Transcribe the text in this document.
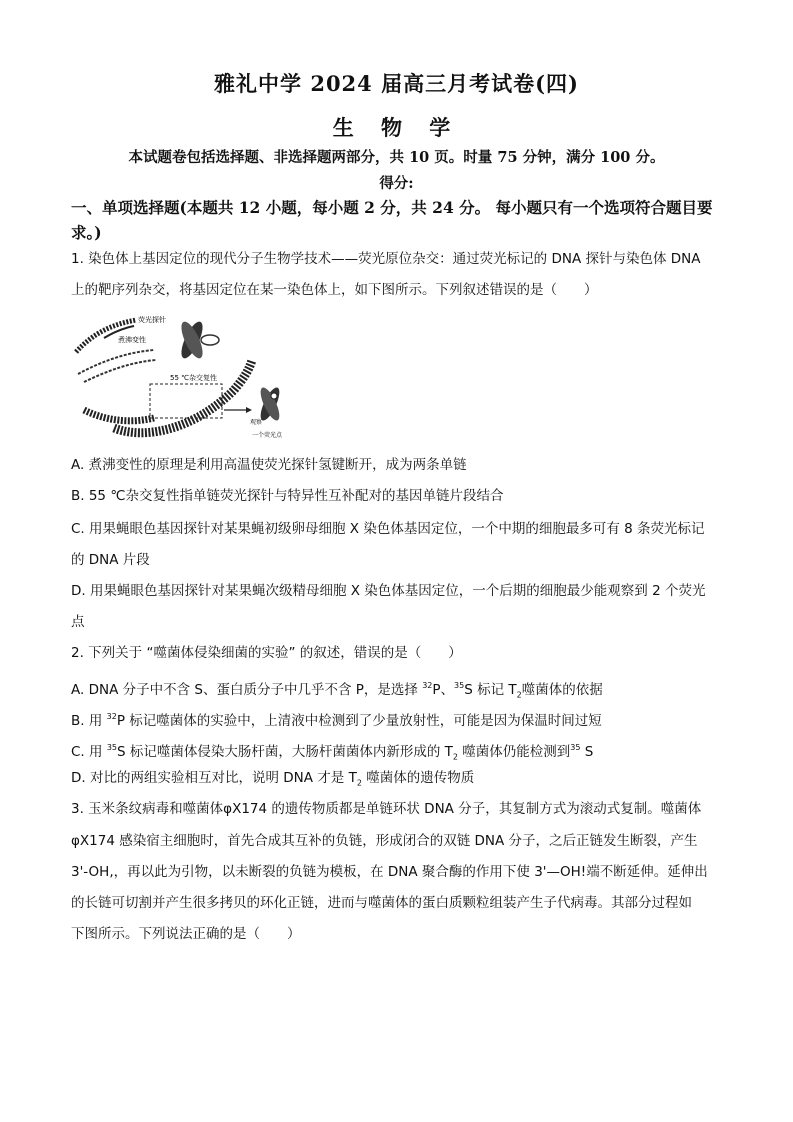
雅礼中学 2024 届高三月考试卷(四)
生 物 学
本试题卷包括选择题、非选择题两部分，共 10 页。时量 75 分钟，满分 100 分。
得分:
一、单项选择题(本题共 12 小题，每小题 2 分，共 24 分。 每小题只有一个选项符合题目要求。)
1. 染色体上基因定位的现代分子生物学技术——荧光原位杂交：通过荧光标记的 DNA 探针与染色体 DNA
上的靶序列杂交，将基因定位在某一染色体上，如下图所示。下列叙述错误的是（　　）
荧光探针
煮沸变性
55 ℃杂交复性
观察
一个荧光点
A. 煮沸变性的原理是利用高温使荧光探针氢键断开，成为两条单链
B. 55 ℃杂交复性指单链荧光探针与特异性互补配对的基因单链片段结合
C. 用果蝇眼色基因探针对某果蝇初级卵母细胞 X 染色体基因定位，一个中期的细胞最多可有 8 条荧光标记
的 DNA 片段
D. 用果蝇眼色基因探针对某果蝇次级精母细胞 X 染色体基因定位，一个后期的细胞最少能观察到 2 个荧光
点
2. 下列关于 “噬菌体侵染细菌的实验” 的叙述，错误的是（　　）
A. DNA 分子中不含 S、蛋白质分子中几乎不含 P，是选择 $^{32}$P、$^{35}$S 标记 $T_2$噬菌体的依据
B. 用 $^{32}$P 标记噬菌体的实验中，上清液中检测到了少量放射性，可能是因为保温时间过短
C. 用 $^{35}$S 标记噬菌体侵染大肠杆菌，大肠杆菌菌体内新形成的 $T_2$ 噬菌体仍能检测到$^{35}$ S
D. 对比的两组实验相互对比，说明 DNA 才是 $T_2$ 噬菌体的遗传物质
3. 玉米条纹病毒和噬菌体φX174 的遗传物质都是单链环状 DNA 分子，其复制方式为滚动式复制。噬菌体
φX174 感染宿主细胞时，首先合成其互补的负链，形成闭合的双链 DNA 分子，之后正链发生断裂，产生
3'-OH,，再以此为引物，以未断裂的负链为模板，在 DNA 聚合酶的作用下使 3'—OH!端不断延伸。延伸出
的长链可切割并产生很多拷贝的环化正链，进而与噬菌体的蛋白质颗粒组装产生子代病毒。其部分过程如
下图所示。下列说法正确的是（　　）
